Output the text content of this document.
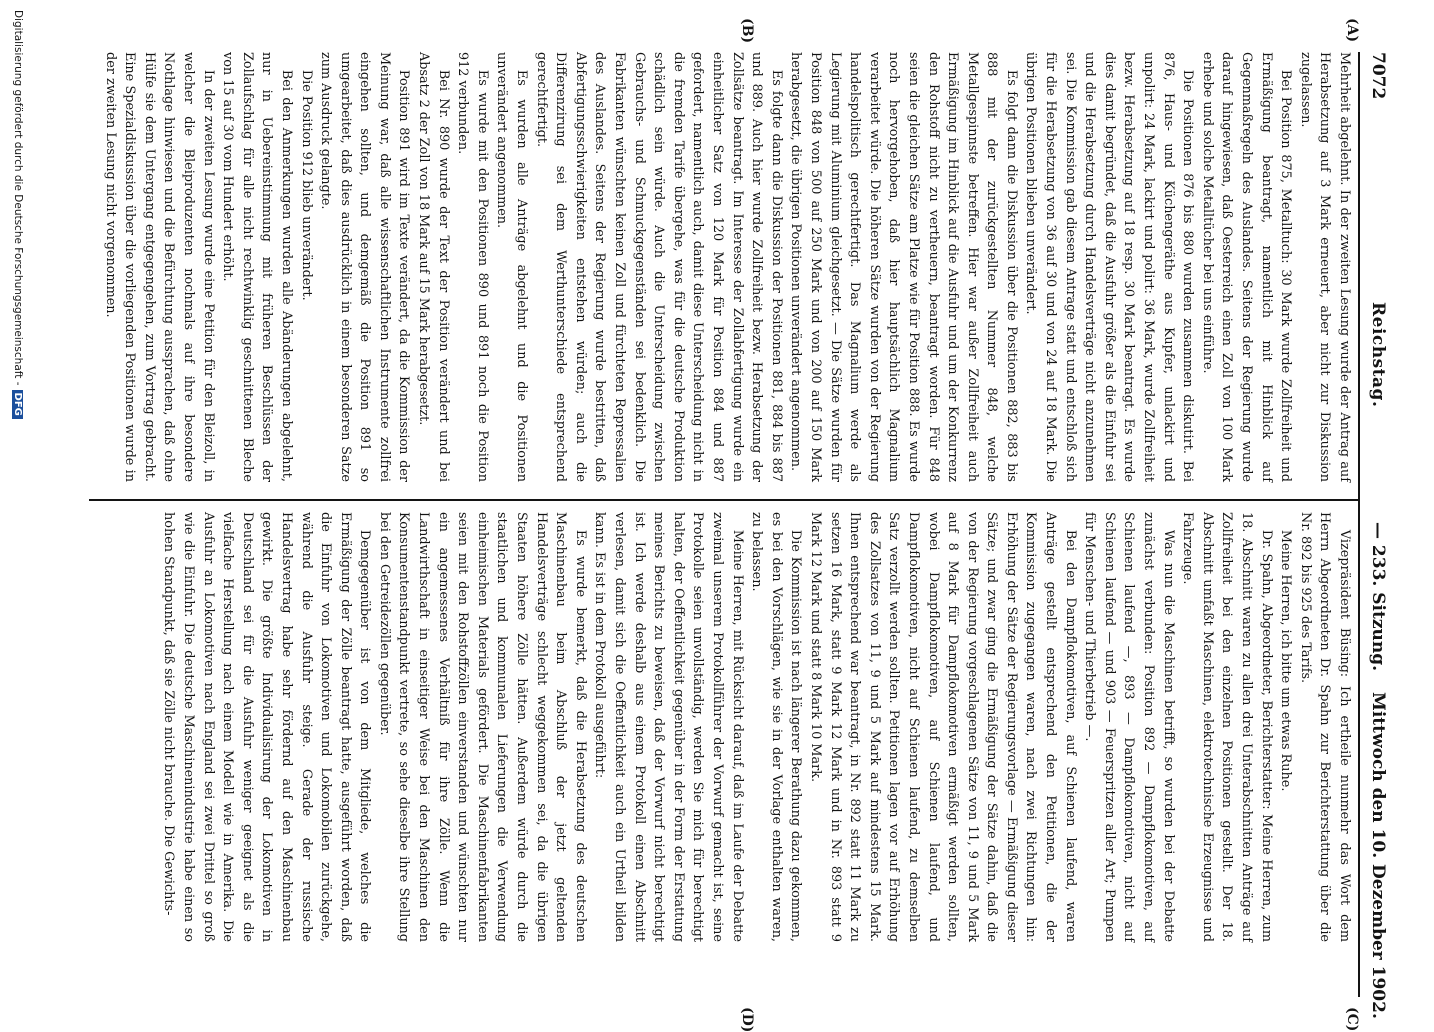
7072
Reichstag.
— 233. Sitzung.
Mittwoch den 10. Dezember 1902.
(A)
(B)
(C)
(D)

Mehrheit abgelehnt. In der zweiten Lesung wurde der Antrag auf Herabsetzung auf 3 Mark erneuert, aber nicht zur Diskussion zugelassen.

Bei Position 875, Metalltuch: 30 Mark wurde Zollfreiheit und Ermäßigung beantragt, namentlich mit Hinblick auf Gegenmaßregeln des Auslandes. Seitens der Regierung wurde darauf hingewiesen, daß Oesterreich einen Zoll von 100 Mark erhebe und solche Metalltücher bei uns einführe.

Die Positionen 876 bis 880 wurden zusammen diskutirt. Bei 876, Haus- und Küchengeräthe aus Kupfer, unlackirt und unpolirt: 24 Mark, lackirt und polirt: 36 Mark, wurde Zollfreiheit bezw. Herabsetzung auf 18 resp. 30 Mark beantragt. Es wurde dies damit begründet, daß die Ausfuhr größer als die Einfuhr sei und die Herabsetzung durch Handelsverträge nicht anzunehmen sei. Die Kommission gab diesem Antrage statt und entschloß sich für die Herabsetzung von 36 auf 30 und von 24 auf 18 Mark. Die übrigen Positionen blieben unverändert.

Es folgt dann die Diskussion über die Positionen 882, 883 bis 888 mit der zurückgestellten Nummer 848, welche Metallgespinnste betreffen. Hier war außer Zollfreiheit auch Ermäßigung im Hinblick auf die Ausfuhr und um der Konkurrenz den Rohstoff nicht zu vertheuern, beantragt worden. Für 848 seien die gleichen Sätze am Platze wie für Position 888. Es wurde noch hervorgehoben, daß hier hauptsächlich Magnalium verarbeitet würde. Die höheren Sätze wurden von der Regierung handelspolitisch gerechtfertigt. Das Magnalium werde als Legierung mit Aluminium gleichgesetzt. — Die Sätze wurden für Position 848 von 500 auf 250 Mark und von 200 auf 150 Mark herabgesetzt, die übrigen Positionen unverändert angenommen.

Es folgte dann die Diskussion der Positionen 881, 884 bis 887 und 889. Auch hier wurde Zollfreiheit bezw. Herabsetzung der Zollsätze beantragt. Im Interesse der Zollabfertigung wurde ein einheitlicher Satz von 120 Mark für Position 884 und 887 gefordert, namentlich auch, damit diese Unterscheidung nicht in die fremden Tarife übergehe, was für die deutsche Produktion schädlich sein würde. Auch die Unterscheidung zwischen Gebrauchs- und Schmuckgegenständen sei bedenklich. Die Fabrikanten wünschten keinen Zoll und fürchteten Repressalien des Auslandes. Seitens der Regierung wurde bestritten, daß Abfertigungsschwierigkeiten entstehen würden; auch die Differenzirung sei dem Werthunterschiede entsprechend gerechtfertigt.

Es wurden alle Anträge abgelehnt und die Positionen unverändert angenommen.

Es wurde mit den Positionen 890 und 891 noch die Position 912 verbunden.

Bei Nr. 890 wurde der Text der Position verändert und bei Absatz 2 der Zoll von 18 Mark auf 15 Mark herabgesetzt.

Position 891 wird im Texte verändert, da die Kommission der Meinung war, daß alle wissenschaftlichen Instrumente zollfrei eingehen sollten, und demgemäß die Position 891 so umgearbeitet, daß dies ausdrücklich in einem besonderen Satze zum Ausdruck gelangte.

Die Position 912 blieb unverändert.

Bei den Anmerkungen wurden alle Abänderungen abgelehnt, nur in Uebereinstimmung mit früheren Beschlüssen der Zollaufschlag für alle nicht rechtwinklig geschnittenen Bleche von 15 auf 30 vom Hundert erhöht.

In der zweiten Lesung wurde eine Petition für den Bleizoll, in welcher die Bleiproduzenten nochmals auf ihre besondere Nothlage hinwiesen und die Befürchtung aussprachen, daß ohne Hülfe sie dem Untergang entgegengehen, zum Vortrag gebracht. Eine Spezialdiskussion über die vorliegenden Positionen wurde in der zweiten Lesung nicht vorgenommen.

Vizepräsident Büsing: Ich ertheile nunmehr das Wort dem Herrn Abgeordneten Dr. Spahn zur Berichterstattung über die Nr. 892 bis 925 des Tarifs.

Meine Herren, ich bitte um etwas Ruhe.

Dr. Spahn, Abgeordneter, Berichterstatter: Meine Herren, zum 18. Abschnitt waren zu allen drei Unterabschnitten Anträge auf Zollfreiheit bei den einzelnen Positionen gestellt. Der 18. Abschnitt umfaßt Maschinen, elektrotechnische Erzeugnisse und Fahrzeuge.

Was nun die Maschinen betrifft, so wurden bei der Debatte zunächst verbunden: Position 892 — Dampflokomotiven, auf Schienen laufend —, 893 — Dampflokomotiven, nicht auf Schienen laufend — und 903 — Feuerspritzen aller Art; Pumpen für Menschen- und Thierbetrieb —.

Bei den Dampflokomotiven, auf Schienen laufend, waren Anträge gestellt entsprechend den Petitionen, die der Kommission zugegangen waren, nach zwei Richtungen hin: Erhöhung der Sätze der Regierungsvorlage — Ermäßigung dieser Sätze; und zwar ging die Ermäßigung der Sätze dahin, daß die von der Regierung vorgeschlagenen Sätze von 11, 9 und 5 Mark auf 8 Mark für Dampflokomotiven ermäßigt werden sollten, wobei Dampflokomotiven, auf Schienen laufend, und Dampflokomotiven, nicht auf Schienen laufend, zu demselben Satz verzollt werden sollten. Petitionen lagen vor auf Erhöhung des Zollsatzes von 11, 9 und 5 Mark auf mindestens 15 Mark. Ihnen entsprechend war beantragt, in Nr. 892 statt 11 Mark zu setzen 16 Mark, statt 9 Mark 12 Mark und in Nr. 893 statt 9 Mark 12 Mark und statt 8 Mark 10 Mark.

Die Kommission ist nach längerer Berathung dazu gekommen, es bei den Vorschlägen, wie sie in der Vorlage enthalten waren, zu belassen.

Meine Herren, mit Rücksicht darauf, daß im Laufe der Debatte zweimal unserem Protokollführer der Vorwurf gemacht ist, seine Protokolle seien unvollständig, werden Sie mich für berechtigt halten, der Oeffentlichkeit gegenüber in der Form der Erstattung meines Berichts zu beweisen, daß der Vorwurf nicht berechtigt ist. Ich werde deshalb aus einem Protokoll einen Abschnitt verlesen, damit sich die Oeffentlichkeit auch ein Urtheil bilden kann. Es ist in dem Protokoll ausgeführt:

Es wurde bemerkt, daß die Herabsetzung des deutschen Maschinenbau beim Abschluß der jetzt geltenden Handelsverträge schlecht weggekommen sei, da die übrigen Staaten höhere Zölle hätten. Außerdem würde durch die staatlichen und kommunalen Lieferungen die Verwendung einheimischen Materials gefördert. Die Maschinenfabrikanten seien mit den Rohstoffzöllen einverstanden und wünschten nur ein angemessenes Verhältniß für ihre Zölle. Wenn die Landwirthschaft in einseitiger Weise bei den Maschinen den Konsumentenstandpunkt vertrete, so sehe dieselbe ihre Stellung bei den Getreidezöllen gegenüber.

Demgegenüber ist von dem Mitgliede, welches die Ermäßigung der Zölle beantragt hatte, ausgeführt worden, daß die Einfuhr von Lokomotiven und Lokomobilen zurückgehe, während die Ausfuhr steige. Gerade der russische Handelsvertrag habe sehr fördernd auf den Maschinenbau gewirkt. Die größte Individualisirung der Lokomotiven in Deutschland sei für die Ausfuhr weniger geeignet als die vielfache Herstellung nach einem Modell wie in Amerika. Die Ausfuhr an Lokomotiven nach England sei zwei Drittel so groß wie die Einfuhr. Die deutsche Maschinenindustrie habe einen so hohen Standpunkt, daß sie Zölle nicht brauche. Die Gewichts-

Digitalisierung gefördert durch die Deutsche Forschungsgemeinschaft -DFG
